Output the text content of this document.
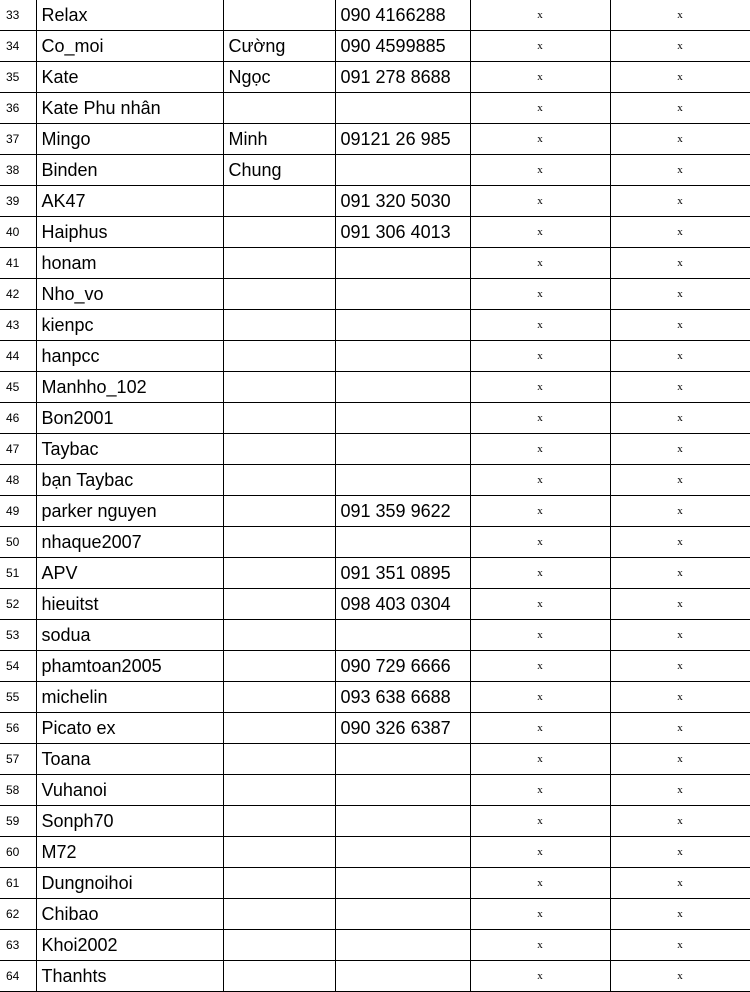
33	Relax		090 4166288	x	x
34	Co_moi	Cường	090 4599885	x	x
35	Kate	Ngọc	091 278 8688	x	x
36	Kate Phu nhân			x	x
37	Mingo	Minh	09121 26 985	x	x
38	Binden	Chung		x	x
39	AK47		091 320 5030	x	x
40	Haiphus		091 306 4013	x	x
41	honam			x	x
42	Nho_vo			x	x
43	kienpc			x	x
44	hanpcc			x	x
45	Manhho_102			x	x
46	Bon2001			x	x
47	Taybac			x	x
48	bạn Taybac			x	x
49	parker nguyen		091 359 9622	x	x
50	nhaque2007			x	x
51	APV		091 351 0895	x	x
52	hieuitst		098 403 0304	x	x
53	sodua			x	x
54	phamtoan2005		090 729 6666	x	x
55	michelin		093 638 6688	x	x
56	Picato ex		090 326 6387	x	x
57	Toana			x	x
58	Vuhanoi			x	x
59	Sonph70			x	x
60	M72			x	x
61	Dungnoihoi			x	x
62	Chibao			x	x
63	Khoi2002			x	x
64	Thanhts			x	x
